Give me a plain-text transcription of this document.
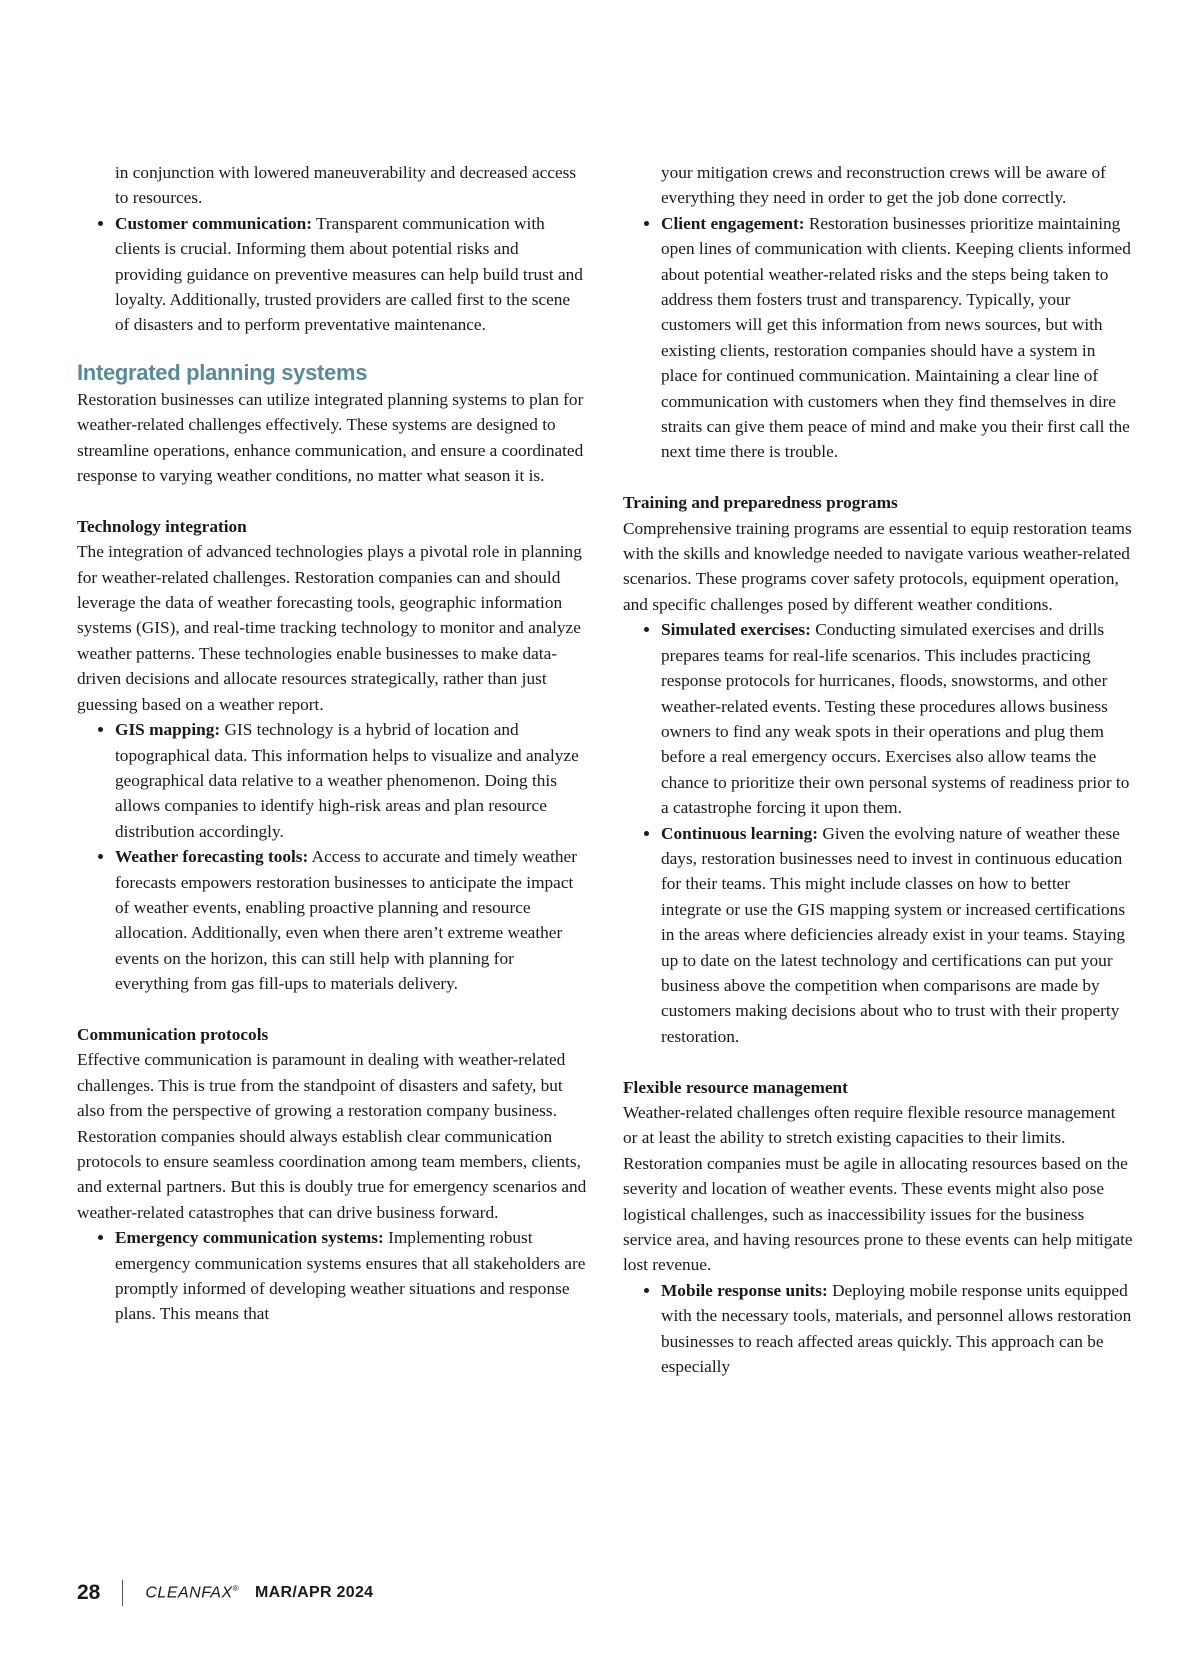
in conjunction with lowered maneuverability and decreased access to resources.
• Customer communication: Transparent communication with clients is crucial. Informing them about potential risks and providing guidance on preventive measures can help build trust and loyalty. Additionally, trusted providers are called first to the scene of disasters and to perform preventative maintenance.
Integrated planning systems

Restoration businesses can utilize integrated planning systems to plan for weather-related challenges effectively. These systems are designed to streamline operations, enhance communication, and ensure a coordinated response to varying weather conditions, no matter what season it is.

Technology integration

The integration of advanced technologies plays a pivotal role in planning for weather-related challenges. Restoration companies can and should leverage the data of weather forecasting tools, geographic information systems (GIS), and real-time tracking technology to monitor and analyze weather patterns. These technologies enable businesses to make data-driven decisions and allocate resources strategically, rather than just guessing based on a weather report.

• GIS mapping: GIS technology is a hybrid of location and topographical data. This information helps to visualize and analyze geographical data relative to a weather phenomenon. Doing this allows companies to identify high-risk areas and plan resource distribution accordingly.
• Weather forecasting tools: Access to accurate and timely weather forecasts empowers restoration businesses to anticipate the impact of weather events, enabling proactive planning and resource allocation. Additionally, even when there aren’t extreme weather events on the horizon, this can still help with planning for everything from gas fill-ups to materials delivery.

Communication protocols

Effective communication is paramount in dealing with weather-related challenges. This is true from the standpoint of disasters and safety, but also from the perspective of growing a restoration company business. Restoration companies should always establish clear communication protocols to ensure seamless coordination among team members, clients, and external partners. But this is doubly true for emergency scenarios and weather-related catastrophes that can drive business forward.

• Emergency communication systems: Implementing robust emergency communication systems ensures that all stakeholders are promptly informed of developing weather situations and response plans. This means that
your mitigation crews and reconstruction crews will be aware of everything they need in order to get the job done correctly.
• Client engagement: Restoration businesses prioritize maintaining open lines of communication with clients. Keeping clients informed about potential weather-related risks and the steps being taken to address them fosters trust and transparency. Typically, your customers will get this information from news sources, but with existing clients, restoration companies should have a system in place for continued communication. Maintaining a clear line of communication with customers when they find themselves in dire straits can give them peace of mind and make you their first call the next time there is trouble.

Training and preparedness programs

Comprehensive training programs are essential to equip restoration teams with the skills and knowledge needed to navigate various weather-related scenarios. These programs cover safety protocols, equipment operation, and specific challenges posed by different weather conditions.

• Simulated exercises: Conducting simulated exercises and drills prepares teams for real-life scenarios. This includes practicing response protocols for hurricanes, floods, snowstorms, and other weather-related events. Testing these procedures allows business owners to find any weak spots in their operations and plug them before a real emergency occurs. Exercises also allow teams the chance to prioritize their own personal systems of readiness prior to a catastrophe forcing it upon them.
• Continuous learning: Given the evolving nature of weather these days, restoration businesses need to invest in continuous education for their teams. This might include classes on how to better integrate or use the GIS mapping system or increased certifications in the areas where deficiencies already exist in your teams. Staying up to date on the latest technology and certifications can put your business above the competition when comparisons are made by customers making decisions about who to trust with their property restoration.

Flexible resource management

Weather-related challenges often require flexible resource management or at least the ability to stretch existing capacities to their limits. Restoration companies must be agile in allocating resources based on the severity and location of weather events. These events might also pose logistical challenges, such as inaccessibility issues for the business service area, and having resources prone to these events can help mitigate lost revenue.

• Mobile response units: Deploying mobile response units equipped with the necessary tools, materials, and personnel allows restoration businesses to reach affected areas quickly. This approach can be especially
28	CLEANFAX® MAR/APR 2024
